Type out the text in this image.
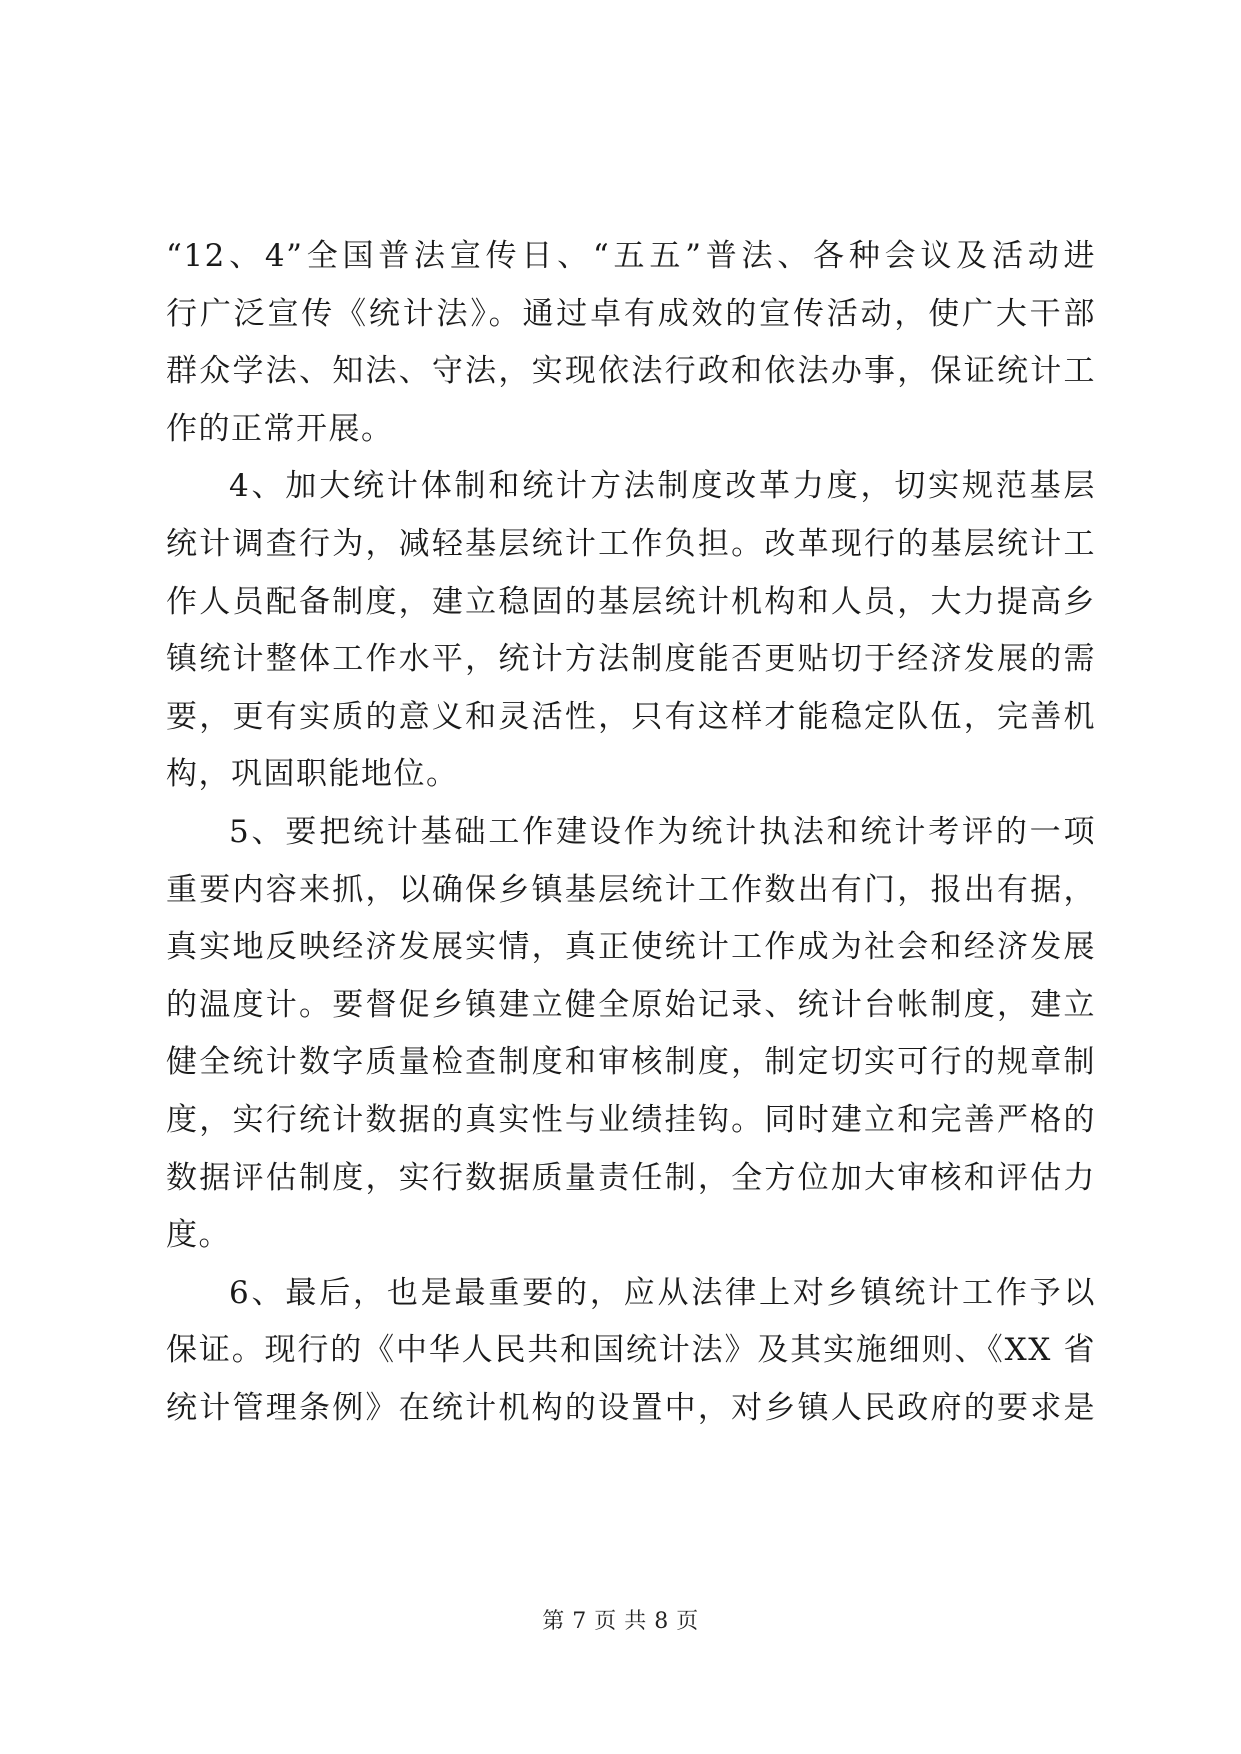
“12、4”全国普法宣传日、“五五”普法、各种会议及活动进
行广泛宣传《统计法》。通过卓有成效的宣传活动，使广大干部
群众学法、知法、守法，实现依法行政和依法办事，保证统计工
作的正常开展。

4、加大统计体制和统计方法制度改革力度，切实规范基层
统计调查行为，减轻基层统计工作负担。改革现行的基层统计工
作人员配备制度，建立稳固的基层统计机构和人员，大力提高乡
镇统计整体工作水平，统计方法制度能否更贴切于经济发展的需
要，更有实质的意义和灵活性，只有这样才能稳定队伍，完善机
构，巩固职能地位。

5、要把统计基础工作建设作为统计执法和统计考评的一项
重要内容来抓，以确保乡镇基层统计工作数出有门，报出有据，
真实地反映经济发展实情，真正使统计工作成为社会和经济发展
的温度计。要督促乡镇建立健全原始记录、统计台帐制度，建立
健全统计数字质量检查制度和审核制度，制定切实可行的规章制
度，实行统计数据的真实性与业绩挂钩。同时建立和完善严格的
数据评估制度，实行数据质量责任制，全方位加大审核和评估力
度。

6、最后，也是最重要的，应从法律上对乡镇统计工作予以
保证。现行的《中华人民共和国统计法》及其实施细则、《XX 省
统计管理条例》在统计机构的设置中，对乡镇人民政府的要求是

第 7 页 共 8 页
